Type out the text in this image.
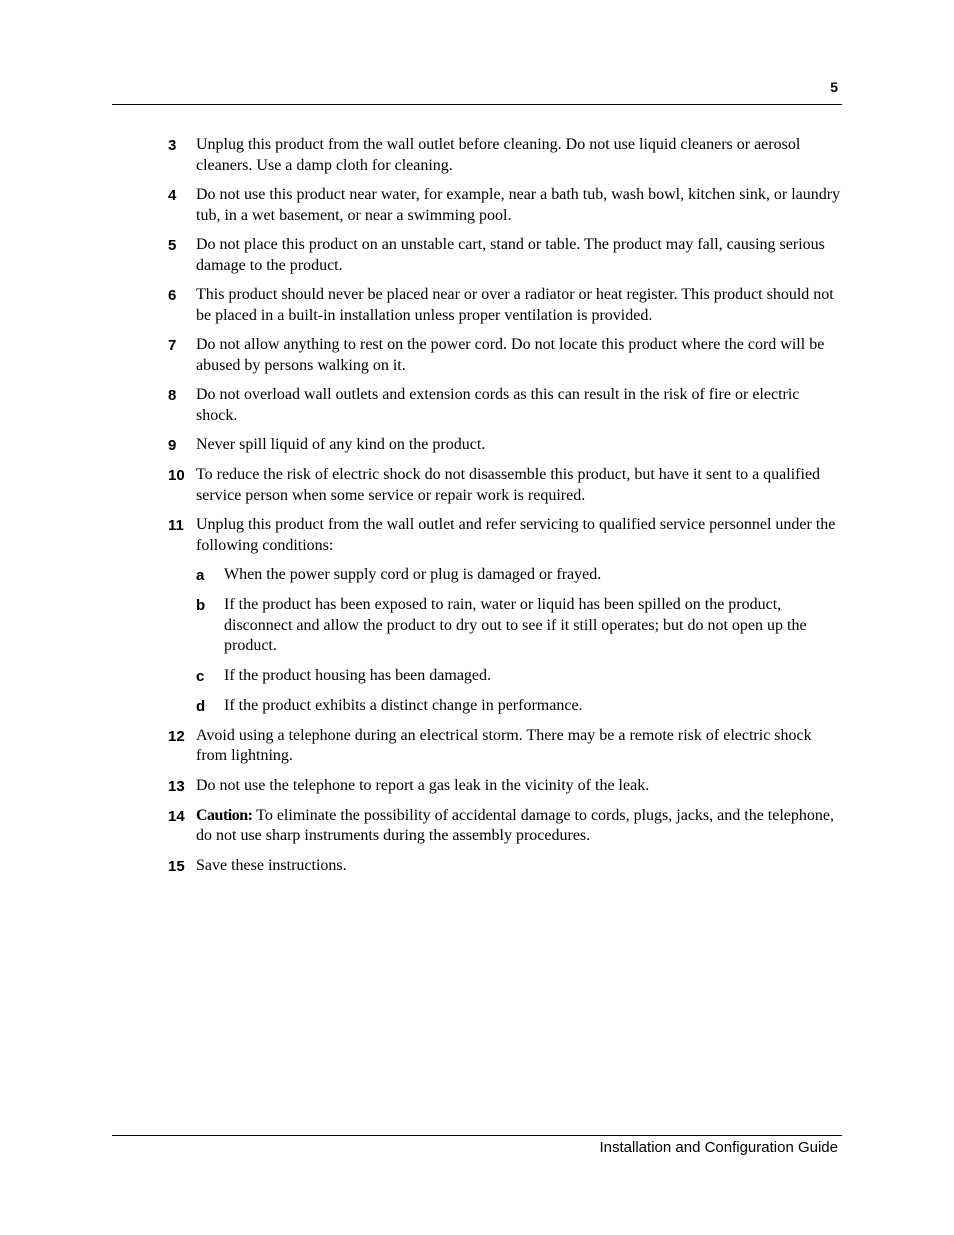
5
3	Unplug this product from the wall outlet before cleaning. Do not use liquid cleaners or aerosol cleaners. Use a damp cloth for cleaning.
4	Do not use this product near water, for example, near a bath tub, wash bowl, kitchen sink, or laundry tub, in a wet basement, or near a swimming pool.
5	Do not place this product on an unstable cart, stand or table. The product may fall, causing serious damage to the product.
6	This product should never be placed near or over a radiator or heat register. This product should not be placed in a built-in installation unless proper ventilation is provided.
7	Do not allow anything to rest on the power cord. Do not locate this product where the cord will be abused by persons walking on it.
8	Do not overload wall outlets and extension cords as this can result in the risk of fire or electric shock.
9	Never spill liquid of any kind on the product.
10 To reduce the risk of electric shock do not disassemble this product, but have it sent to a qualified service person when some service or repair work is required.
11 Unplug this product from the wall outlet and refer servicing to qualified service personnel under the following conditions:
a	When the power supply cord or plug is damaged or frayed.
b	If the product has been exposed to rain, water or liquid has been spilled on the product, disconnect and allow the product to dry out to see if it still operates; but do not open up the product.
c	If the product housing has been damaged.
d	If the product exhibits a distinct change in performance.
12 Avoid using a telephone during an electrical storm. There may be a remote risk of electric shock from lightning.
13 Do not use the telephone to report a gas leak in the vicinity of the leak.
14 Caution: To eliminate the possibility of accidental damage to cords, plugs, jacks, and the telephone, do not use sharp instruments during the assembly procedures.
15 Save these instructions.
Installation and Configuration Guide
